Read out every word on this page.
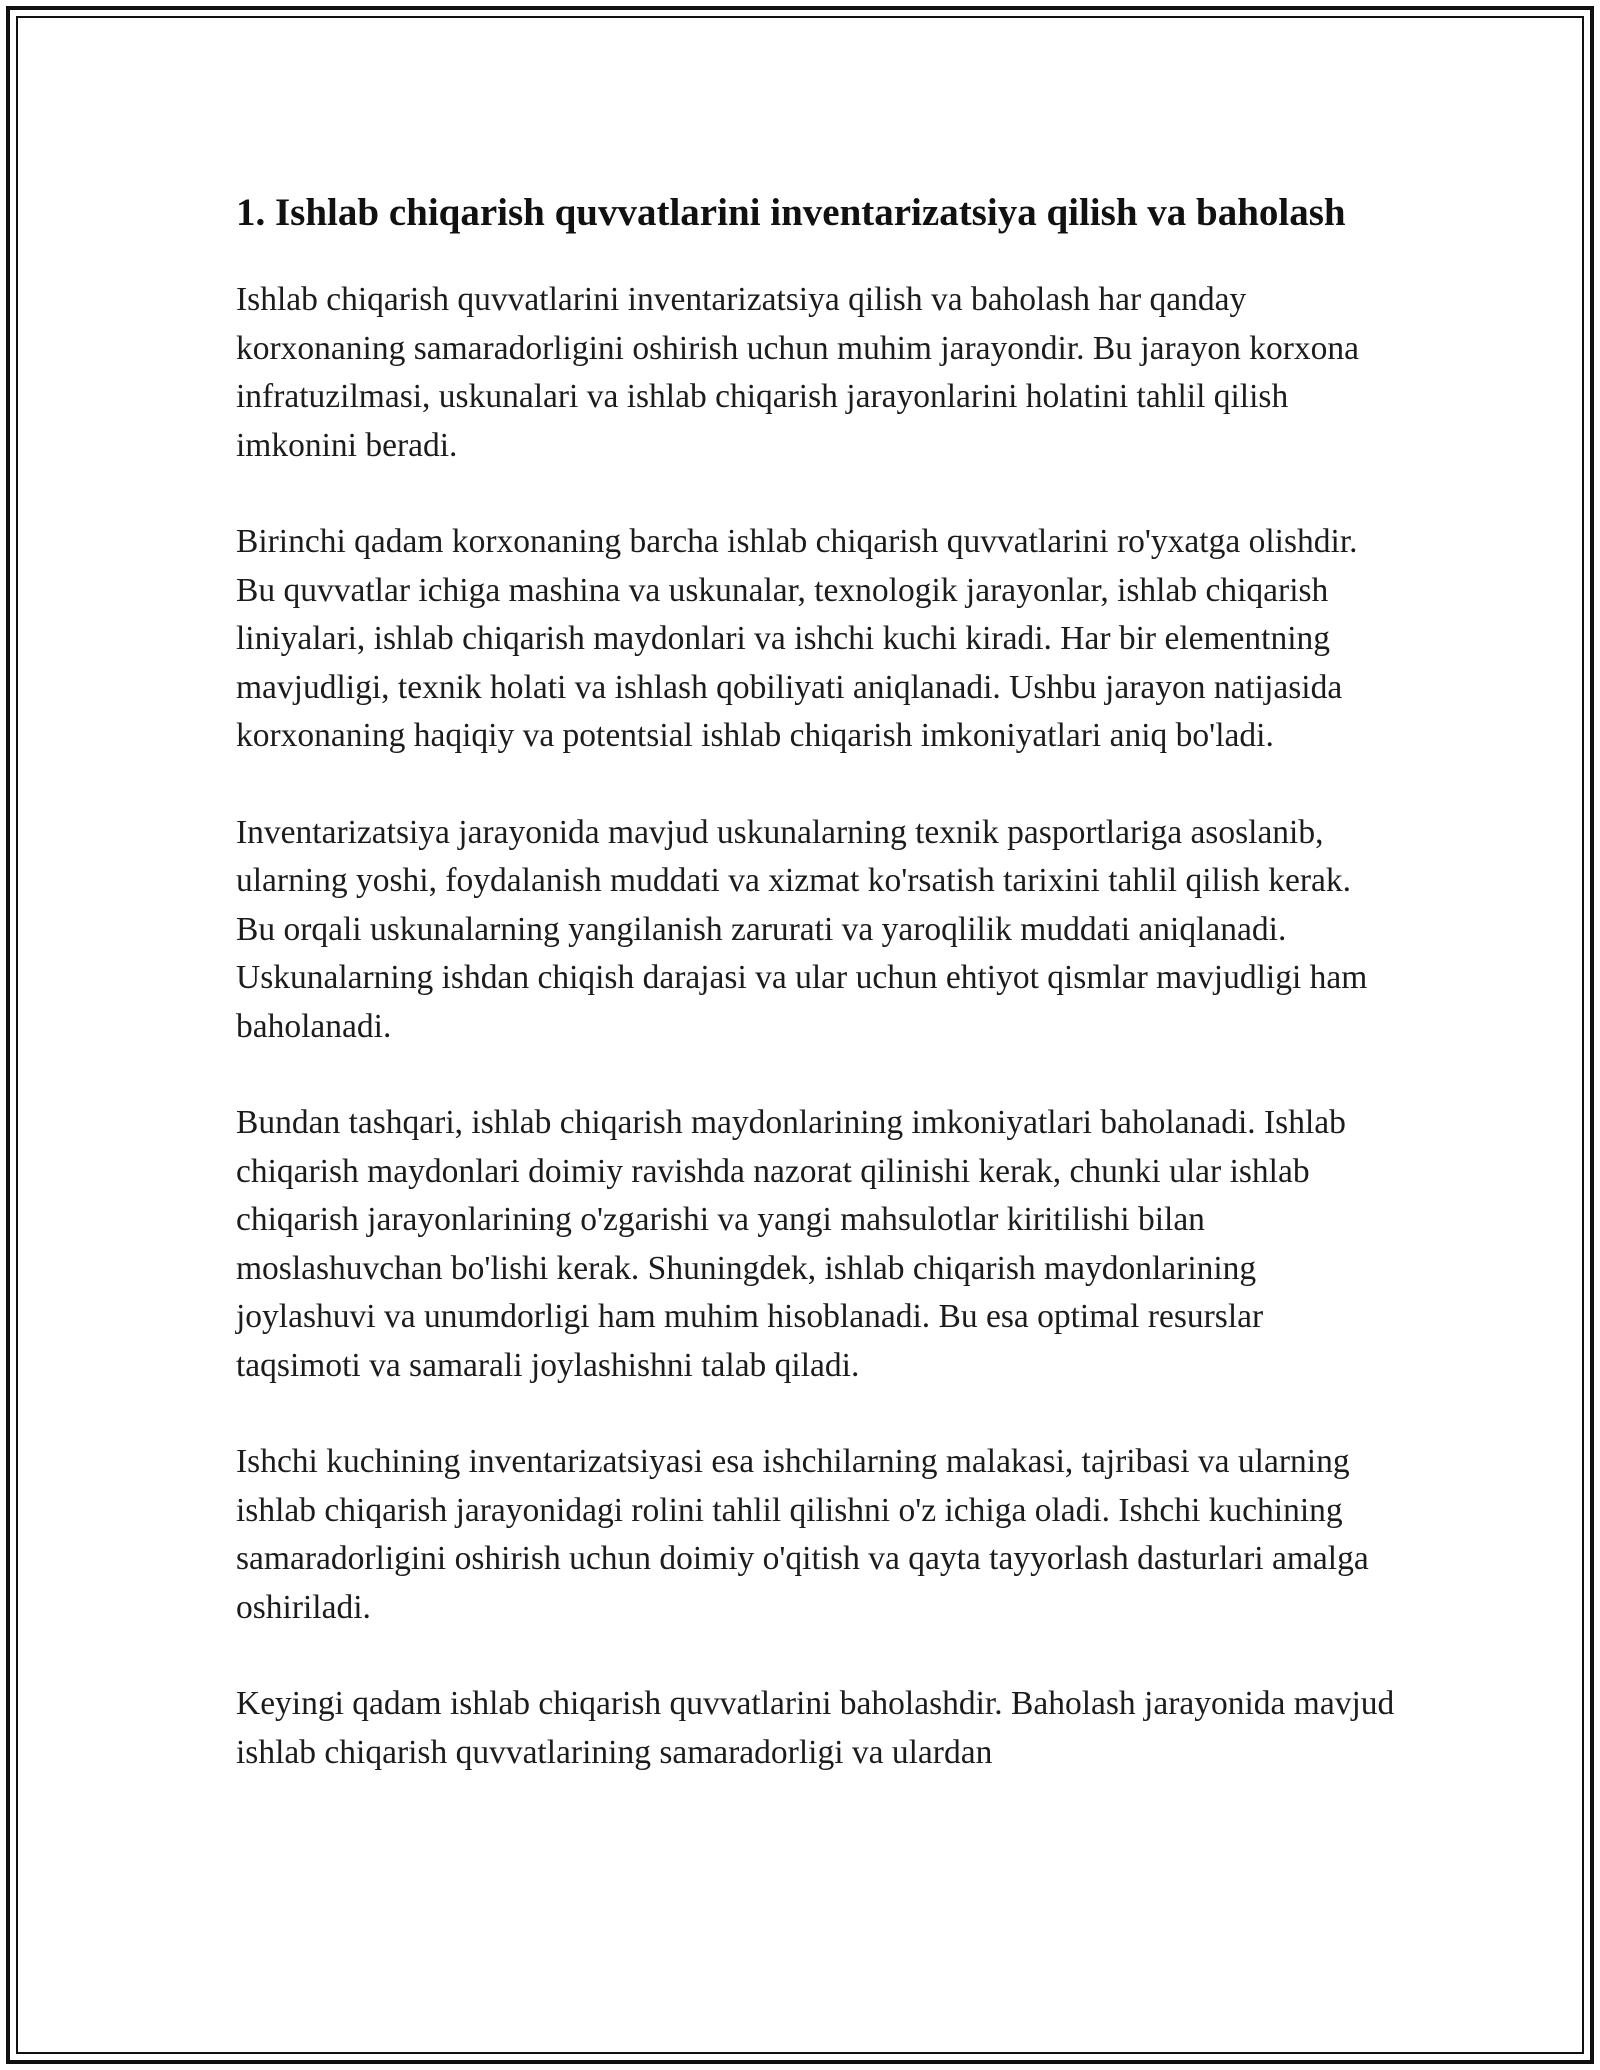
1. Ishlab chiqarish quvvatlarini inventarizatsiya qilish va baholash

Ishlab chiqarish quvvatlarini inventarizatsiya qilish va baholash har qanday korxonaning samaradorligini oshirish uchun muhim jarayondir. Bu jarayon korxona infratuzilmasi, uskunalari va ishlab chiqarish jarayonlarini holatini tahlil qilish imkonini beradi.

Birinchi qadam korxonaning barcha ishlab chiqarish quvvatlarini ro'yxatga olishdir. Bu quvvatlar ichiga mashina va uskunalar, texnologik jarayonlar, ishlab chiqarish liniyalari, ishlab chiqarish maydonlari va ishchi kuchi kiradi. Har bir elementning mavjudligi, texnik holati va ishlash qobiliyati aniqlanadi. Ushbu jarayon natijasida korxonaning haqiqiy va potentsial ishlab chiqarish imkoniyatlari aniq bo'ladi.

Inventarizatsiya jarayonida mavjud uskunalarning texnik pasportlariga asoslanib, ularning yoshi, foydalanish muddati va xizmat ko'rsatish tarixini tahlil qilish kerak. Bu orqali uskunalarning yangilanish zarurati va yaroqlilik muddati aniqlanadi. Uskunalarning ishdan chiqish darajasi va ular uchun ehtiyot qismlar mavjudligi ham baholanadi.

Bundan tashqari, ishlab chiqarish maydonlarining imkoniyatlari baholanadi. Ishlab chiqarish maydonlari doimiy ravishda nazorat qilinishi kerak, chunki ular ishlab chiqarish jarayonlarining o'zgarishi va yangi mahsulotlar kiritilishi bilan moslashuvchan bo'lishi kerak. Shuningdek, ishlab chiqarish maydonlarining joylashuvi va unumdorligi ham muhim hisoblanadi. Bu esa optimal resurslar taqsimoti va samarali joylashishni talab qiladi.

Ishchi kuchining inventarizatsiyasi esa ishchilarning malakasi, tajribasi va ularning ishlab chiqarish jarayonidagi rolini tahlil qilishni o'z ichiga oladi. Ishchi kuchining samaradorligini oshirish uchun doimiy o'qitish va qayta tayyorlash dasturlari amalga oshiriladi.

Keyingi qadam ishlab chiqarish quvvatlarini baholashdir. Baholash jarayonida mavjud ishlab chiqarish quvvatlarining samaradorligi va ulardan
